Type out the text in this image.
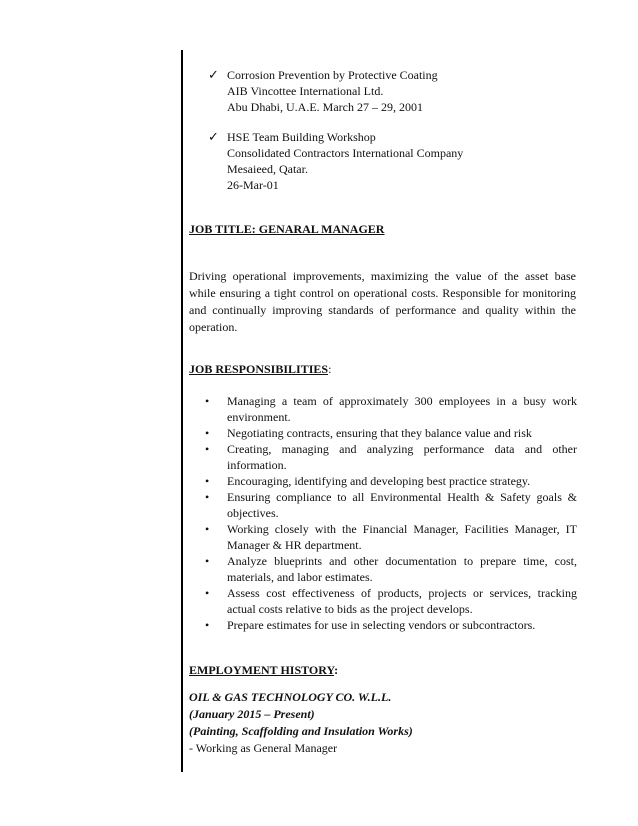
✓ Corrosion Prevention by Protective Coating
AIB Vincottee International Ltd.
Abu Dhabi, U.A.E. March 27 – 29, 2001
✓ HSE Team Building Workshop
Consolidated Contractors International Company
Mesaieed, Qatar.
26-Mar-01
JOB TITLE: GENARAL MANAGER
Driving operational improvements, maximizing the value of the asset base
while ensuring a tight control on operational costs. Responsible for monitoring
and continually improving standards of performance and quality within the
operation.
JOB RESPONSIBILITIES:
• Managing a team of approximately 300 employees in a busy work
environment.
• Negotiating contracts, ensuring that they balance value and risk
• Creating, managing and analyzing performance data and other
information.
• Encouraging, identifying and developing best practice strategy.
• Ensuring compliance to all Environmental Health & Safety goals &
objectives.
• Working closely with the Financial Manager, Facilities Manager, IT
Manager & HR department.
• Analyze blueprints and other documentation to prepare time, cost,
materials, and labor estimates.
• Assess cost effectiveness of products, projects or services, tracking
actual costs relative to bids as the project develops.
• Prepare estimates for use in selecting vendors or subcontractors.
EMPLOYMENT HISTORY:
OIL & GAS TECHNOLOGY CO. W.L.L.
(January 2015 – Present)
(Painting, Scaffolding and Insulation Works)
- Working as General Manager
